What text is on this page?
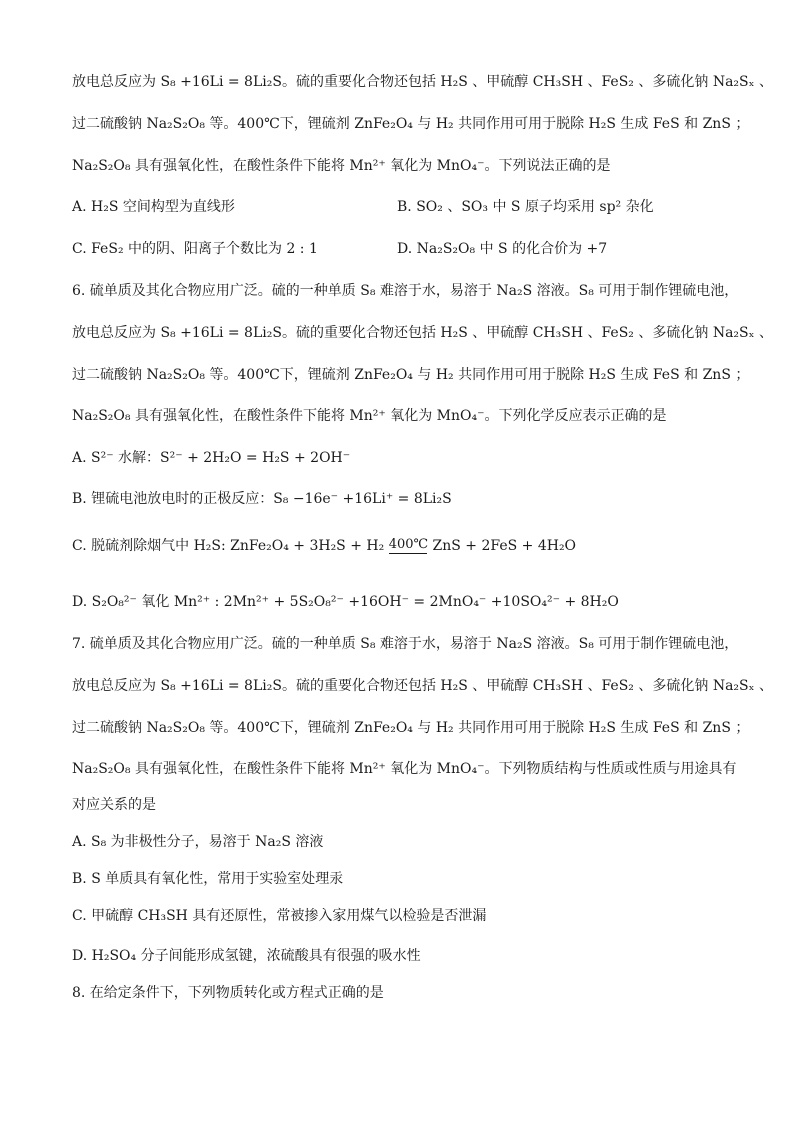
放电总反应为 S₈ +16Li = 8Li₂S。硫的重要化合物还包括 H₂S 、甲硫醇 CH₃SH 、FeS₂ 、多硫化钠 Na₂Sₓ 、
过二硫酸钠 Na₂S₂O₈ 等。400℃下，锂硫剂 ZnFe₂O₄ 与 H₂ 共同作用可用于脱除 H₂S 生成 FeS 和 ZnS ；
Na₂S₂O₈ 具有强氧化性，在酸性条件下能将 Mn²⁺ 氧化为 MnO₄⁻。下列说法正确的是
A. H₂S 空间构型为直线形	B. SO₂ 、SO₃ 中 S 原子均采用 sp² 杂化
C. FeS₂ 中的阴、阳离子个数比为 2 : 1	D. Na₂S₂O₈ 中 S 的化合价为 +7
6. 硫单质及其化合物应用广泛。硫的一种单质 S₈ 难溶于水，易溶于 Na₂S 溶液。S₈ 可用于制作锂硫电池，
放电总反应为 S₈ +16Li = 8Li₂S。硫的重要化合物还包括 H₂S 、甲硫醇 CH₃SH 、FeS₂ 、多硫化钠 Na₂Sₓ 、
过二硫酸钠 Na₂S₂O₈ 等。400℃下，锂硫剂 ZnFe₂O₄ 与 H₂ 共同作用可用于脱除 H₂S 生成 FeS 和 ZnS ；
Na₂S₂O₈ 具有强氧化性，在酸性条件下能将 Mn²⁺ 氧化为 MnO₄⁻。下列化学反应表示正确的是
A. S²⁻ 水解：S²⁻ + 2H₂O = H₂S + 2OH⁻
B. 锂硫电池放电时的正极反应：S₈ −16e⁻ +16Li⁺ = 8Li₂S
C. 脱硫剂除烟气中 H₂S: ZnFe₂O₄ + 3H₂S + H₂ 400℃ ZnS + 2FeS + 4H₂O
D. S₂O₈²⁻ 氧化 Mn²⁺ : 2Mn²⁺ + 5S₂O₈²⁻ +16OH⁻ = 2MnO₄⁻ +10SO₄²⁻ + 8H₂O
7. 硫单质及其化合物应用广泛。硫的一种单质 S₈ 难溶于水，易溶于 Na₂S 溶液。S₈ 可用于制作锂硫电池，
放电总反应为 S₈ +16Li = 8Li₂S。硫的重要化合物还包括 H₂S 、甲硫醇 CH₃SH 、FeS₂ 、多硫化钠 Na₂Sₓ 、
过二硫酸钠 Na₂S₂O₈ 等。400℃下，锂硫剂 ZnFe₂O₄ 与 H₂ 共同作用可用于脱除 H₂S 生成 FeS 和 ZnS ；
Na₂S₂O₈ 具有强氧化性，在酸性条件下能将 Mn²⁺ 氧化为 MnO₄⁻。下列物质结构与性质或性质与用途具有
对应关系的是
A. S₈ 为非极性分子，易溶于 Na₂S 溶液
B. S 单质具有氧化性，常用于实验室处理汞
C. 甲硫醇 CH₃SH 具有还原性，常被掺入家用煤气以检验是否泄漏
D. H₂SO₄ 分子间能形成氢键，浓硫酸具有很强的吸水性
8. 在给定条件下，下列物质转化或方程式正确的是
